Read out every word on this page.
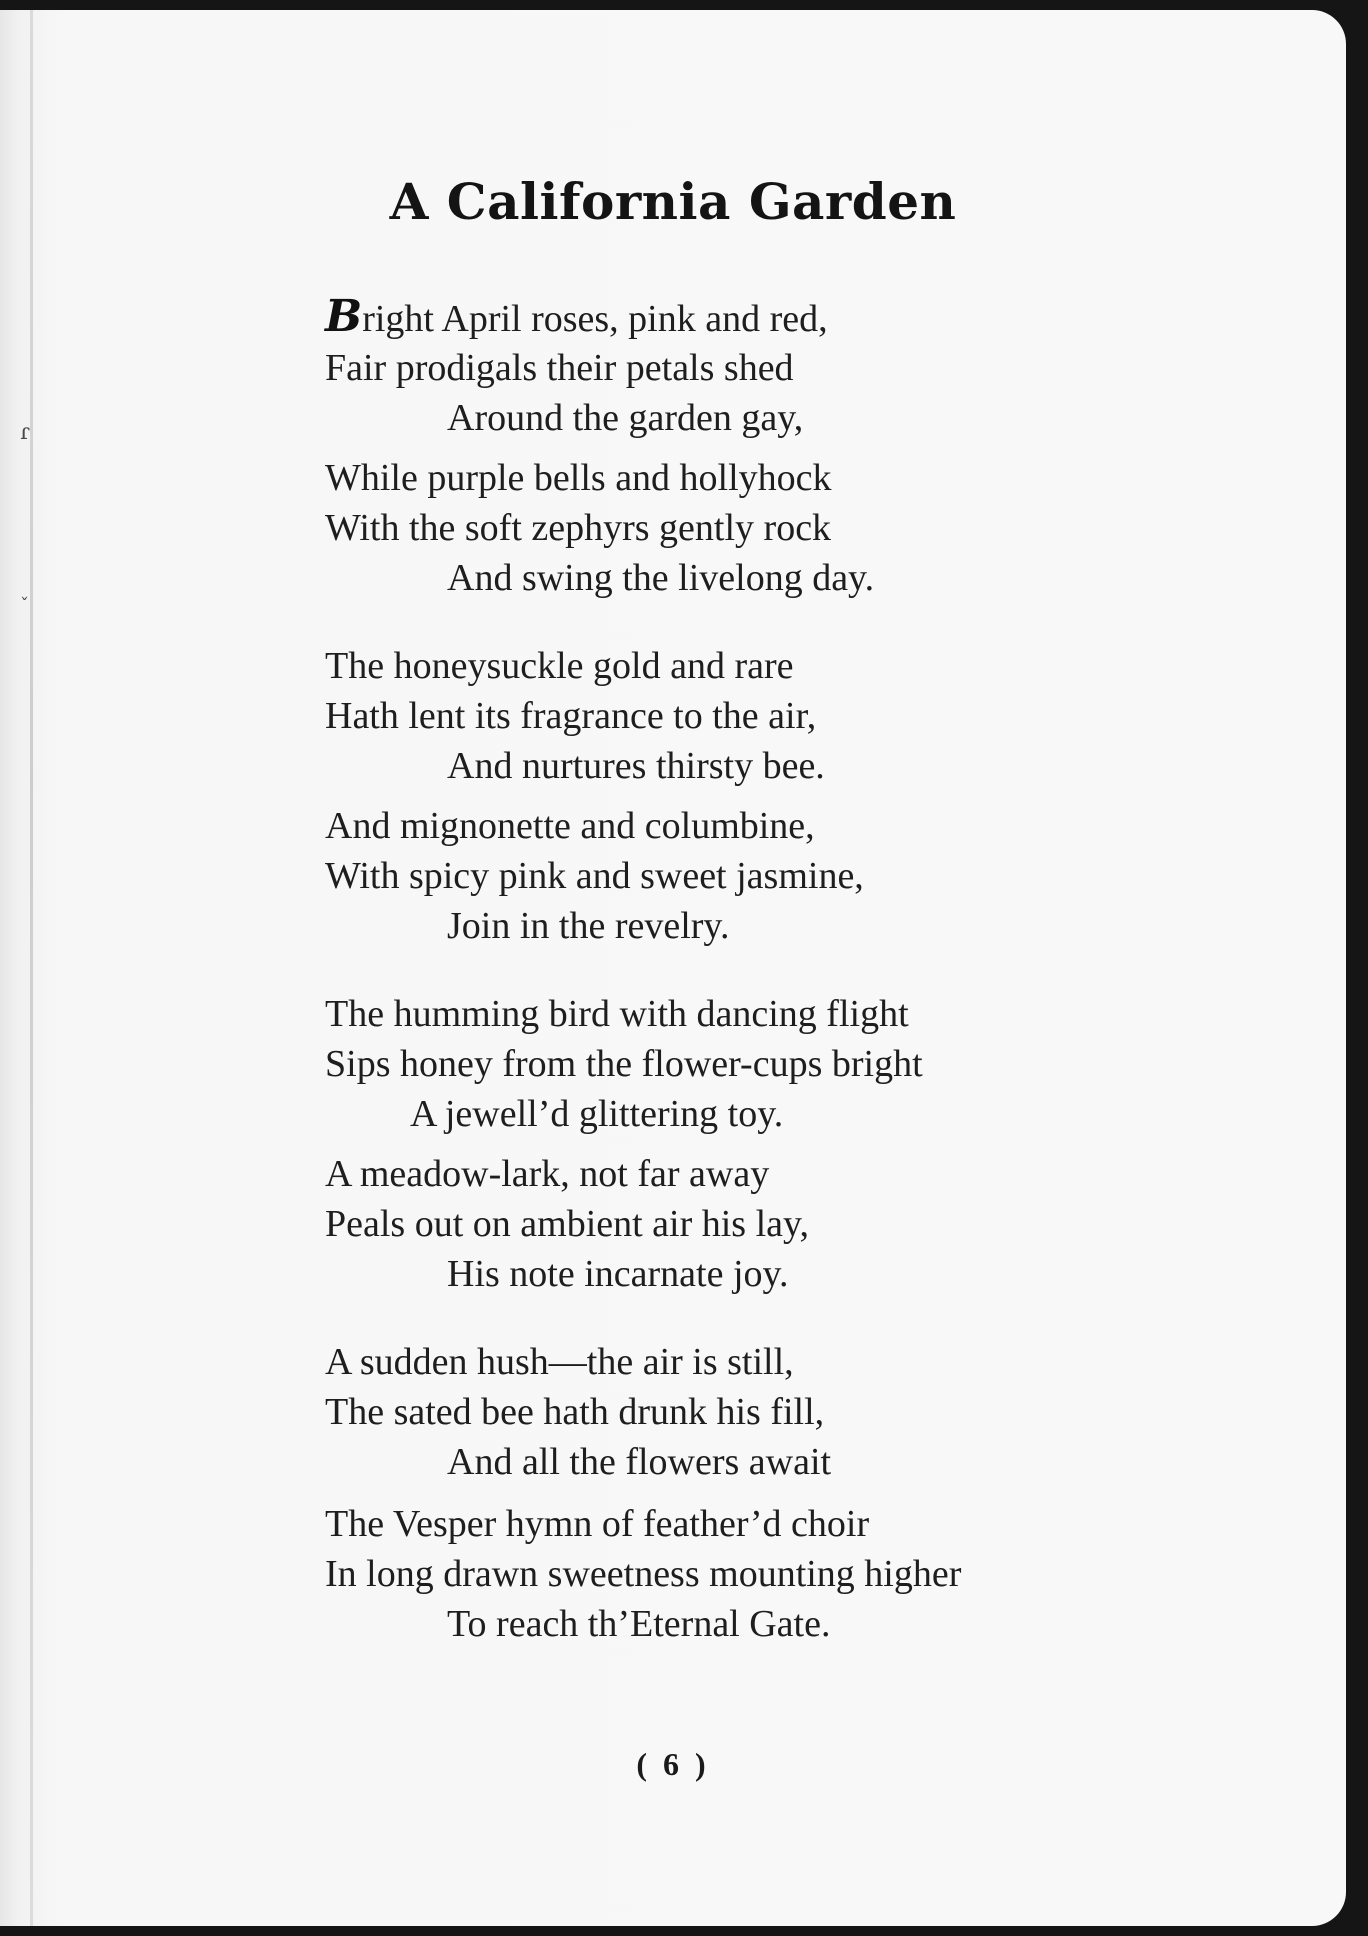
ɾ
ˇ
A California Garden
Bright April roses, pink and red,
Fair prodigals their petals shed
Around the garden gay,
While purple bells and hollyhock
With the soft zephyrs gently rock
And swing the livelong day.
The honeysuckle gold and rare
Hath lent its fragrance to the air,
And nurtures thirsty bee.
And mignonette and columbine,
With spicy pink and sweet jasmine,
Join in the revelry.
The humming bird with dancing flight
Sips honey from the flower-cups bright
A jewell’d glittering toy.
A meadow-lark, not far away
Peals out on ambient air his lay,
His note incarnate joy.
A sudden hush—the air is still,
The sated bee hath drunk his fill,
And all the flowers await
The Vesper hymn of feather’d choir
In long drawn sweetness mounting higher
To reach th’Eternal Gate.
( 6 )
